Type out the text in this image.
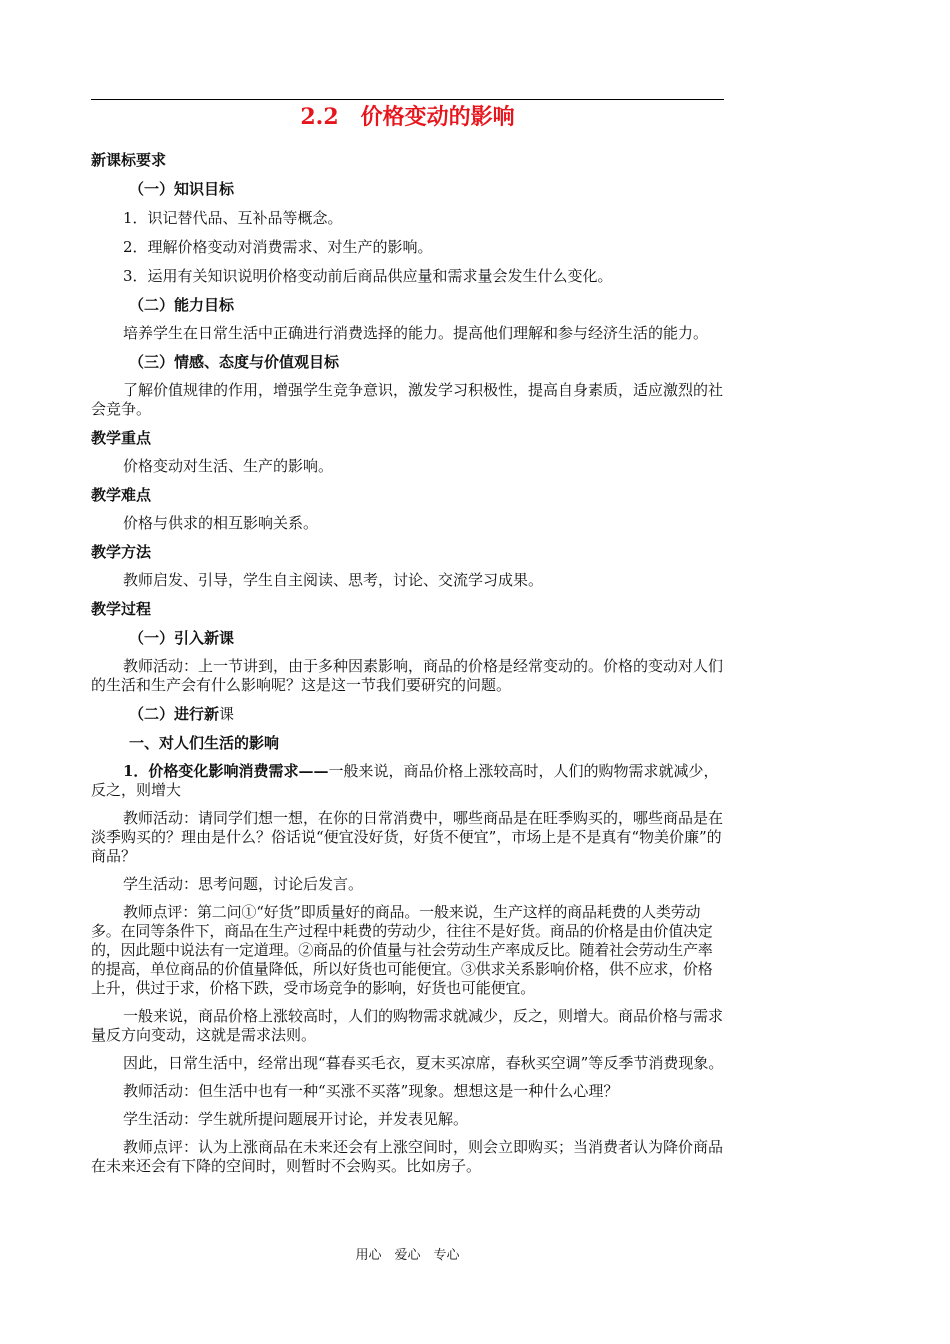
2.2　价格变动的影响

新课标要求

（一）知识目标

1．识记替代品、互补品等概念。

2．理解价格变动对消费需求、对生产的影响。

3．运用有关知识说明价格变动前后商品供应量和需求量会发生什么变化。

（二）能力目标

培养学生在日常生活中正确进行消费选择的能力。提高他们理解和参与经济生活的能力。

（三）情感、态度与价值观目标

了解价值规律的作用，增强学生竞争意识，激发学习积极性，提高自身素质，适应激烈的社会竞争。

教学重点

价格变动对生活、生产的影响。

教学难点

价格与供求的相互影响关系。

教学方法

教师启发、引导，学生自主阅读、思考，讨论、交流学习成果。

教学过程

（一）引入新课

教师活动：上一节讲到，由于多种因素影响，商品的价格是经常变动的。价格的变动对人们的生活和生产会有什么影响呢？这是这一节我们要研究的问题。

（二）进行新课

一、对人们生活的影响

1．价格变化影响消费需求——一般来说，商品价格上涨较高时，人们的购物需求就减少，反之，则增大

教师活动：请同学们想一想，在你的日常消费中，哪些商品是在旺季购买的，哪些商品是在淡季购买的？理由是什么？俗话说“便宜没好货，好货不便宜”，市场上是不是真有“物美价廉”的商品？

学生活动：思考问题，讨论后发言。

教师点评：第二问①“好货”即质量好的商品。一般来说，生产这样的商品耗费的人类劳动多。在同等条件下，商品在生产过程中耗费的劳动少，往往不是好货。商品的价格是由价值决定的，因此题中说法有一定道理。②商品的价值量与社会劳动生产率成反比。随着社会劳动生产率的提高，单位商品的价值量降低，所以好货也可能便宜。③供求关系影响价格，供不应求，价格上升，供过于求，价格下跌，受市场竞争的影响，好货也可能便宜。

一般来说，商品价格上涨较高时，人们的购物需求就减少，反之，则增大。商品价格与需求量反方向变动，这就是需求法则。

因此，日常生活中，经常出现“暮春买毛衣，夏末买凉席，春秋买空调”等反季节消费现象。

教师活动：但生活中也有一种“买涨不买落”现象。想想这是一种什么心理？

学生活动：学生就所提问题展开讨论，并发表见解。

教师点评：认为上涨商品在未来还会有上涨空间时，则会立即购买；当消费者认为降价商品在未来还会有下降的空间时，则暂时不会购买。比如房子。

用心　爱心　专心
